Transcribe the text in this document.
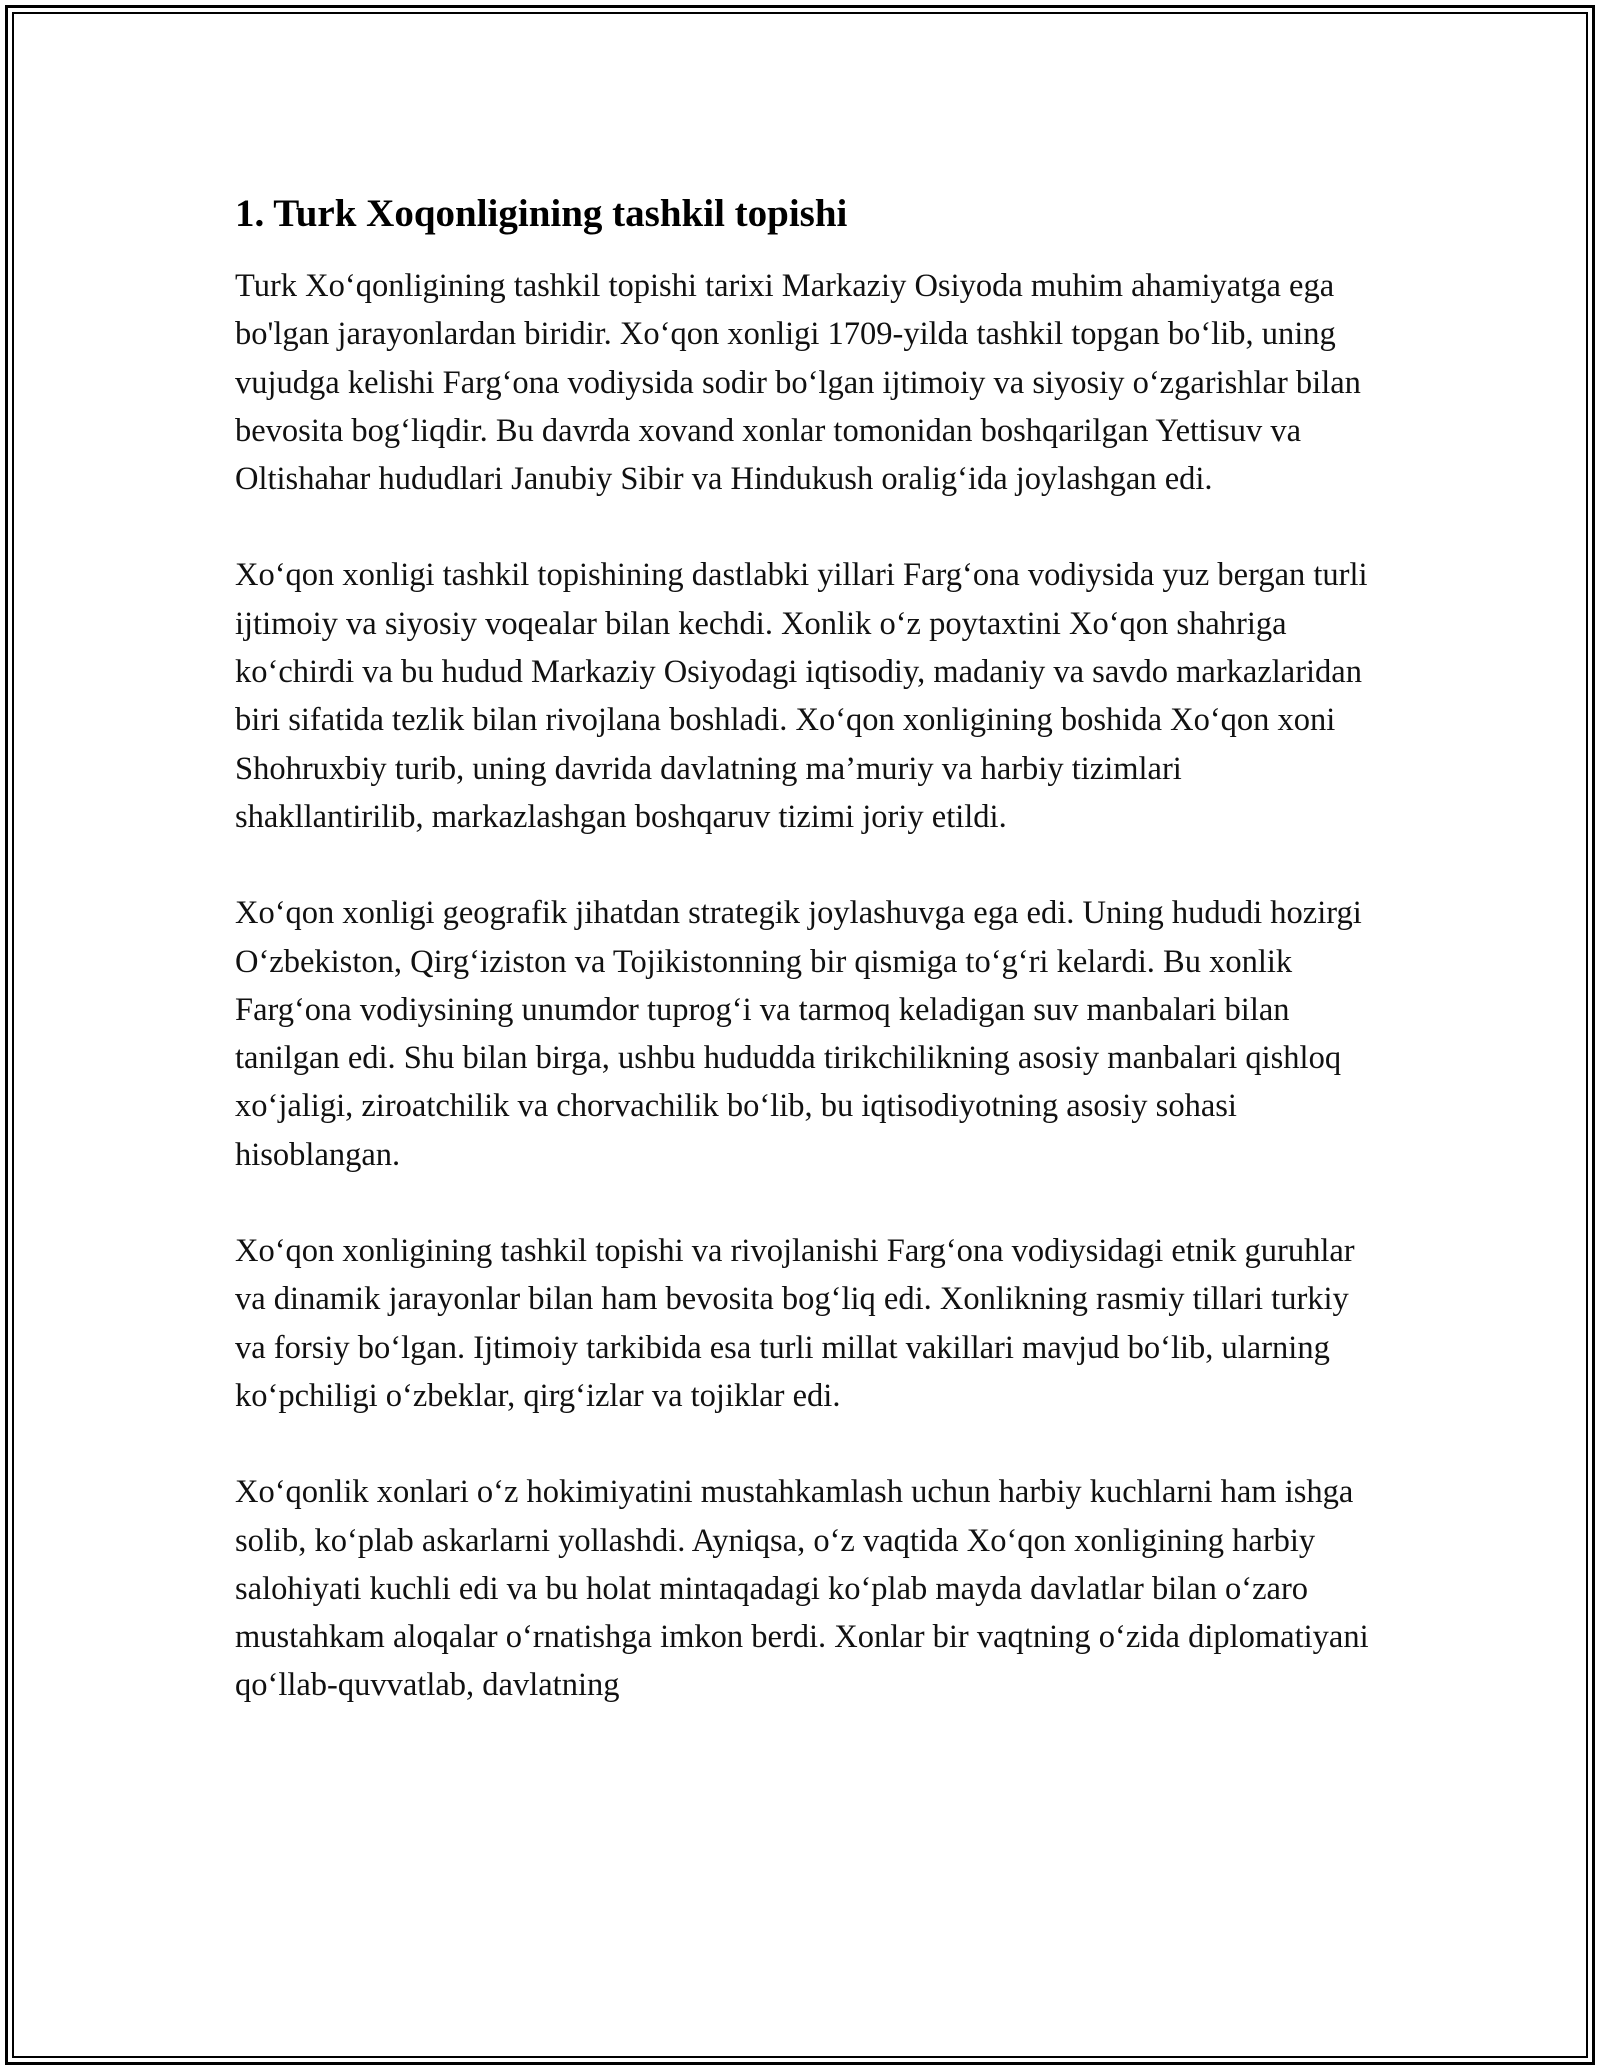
1. Turk Xoqonligining tashkil topishi

Turk Xo‘qonligining tashkil topishi tarixi Markaziy Osiyoda muhim ahamiyatga ega bo'lgan jarayonlardan biridir. Xo‘qon xonligi 1709-yilda tashkil topgan bo‘lib, uning vujudga kelishi Farg‘ona vodiysida sodir bo‘lgan ijtimoiy va siyosiy o‘zgarishlar bilan bevosita bog‘liqdir. Bu davrda xovand xonlar tomonidan boshqarilgan Yettisuv va Oltishahar hududlari Janubiy Sibir va Hindukush oralig‘ida joylashgan edi.

Xo‘qon xonligi tashkil topishining dastlabki yillari Farg‘ona vodiysida yuz bergan turli ijtimoiy va siyosiy voqealar bilan kechdi. Xonlik o‘z poytaxtini Xo‘qon shahriga ko‘chirdi va bu hudud Markaziy Osiyodagi iqtisodiy, madaniy va savdo markazlaridan biri sifatida tezlik bilan rivojlana boshladi. Xo‘qon xonligining boshida Xo‘qon xoni Shohruxbiy turib, uning davrida davlatning ma’muriy va harbiy tizimlari shakllantirilib, markazlashgan boshqaruv tizimi joriy etildi.

Xo‘qon xonligi geografik jihatdan strategik joylashuvga ega edi. Uning hududi hozirgi O‘zbekiston, Qirg‘iziston va Tojikistonning bir qismiga to‘g‘ri kelardi. Bu xonlik Farg‘ona vodiysining unumdor tuprog‘i va tarmoq keladigan suv manbalari bilan tanilgan edi. Shu bilan birga, ushbu hududda tirikchilikning asosiy manbalari qishloq xo‘jaligi, ziroatchilik va chorvachilik bo‘lib, bu iqtisodiyotning asosiy sohasi hisoblangan.

Xo‘qon xonligining tashkil topishi va rivojlanishi Farg‘ona vodiysidagi etnik guruhlar va dinamik jarayonlar bilan ham bevosita bog‘liq edi. Xonlikning rasmiy tillari turkiy va forsiy bo‘lgan. Ijtimoiy tarkibida esa turli millat vakillari mavjud bo‘lib, ularning ko‘pchiligi o‘zbeklar, qirg‘izlar va tojiklar edi.

Xo‘qonlik xonlari o‘z hokimiyatini mustahkamlash uchun harbiy kuchlarni ham ishga solib, ko‘plab askarlarni yollashdi. Ayniqsa, o‘z vaqtida Xo‘qon xonligining harbiy salohiyati kuchli edi va bu holat mintaqadagi ko‘plab mayda davlatlar bilan o‘zaro mustahkam aloqalar o‘rnatishga imkon berdi. Xonlar bir vaqtning o‘zida diplomatiyani qo‘llab-quvvatlab, davlatning
